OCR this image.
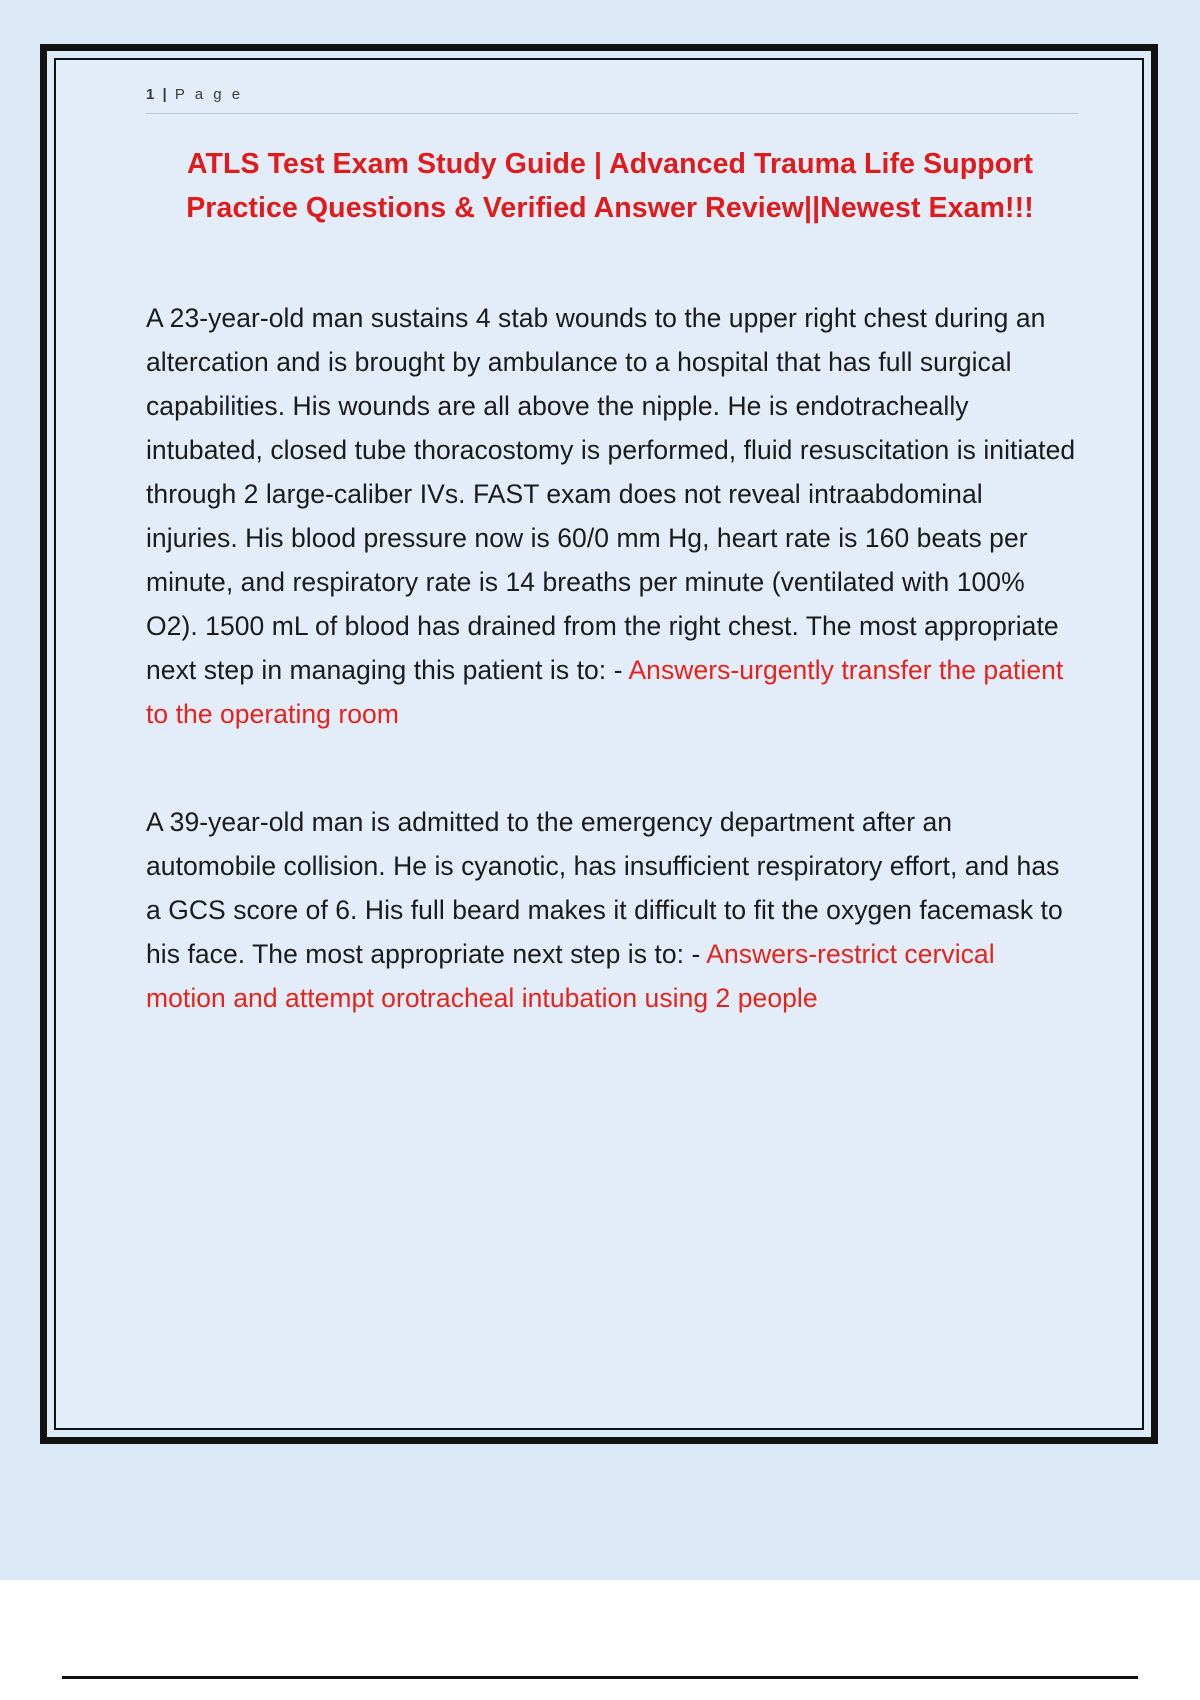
1 | P a g e
ATLS Test Exam Study Guide | Advanced Trauma Life Support Practice Questions & Verified Answer Review||Newest Exam!!!
A 23-year-old man sustains 4 stab wounds to the upper right chest during an altercation and is brought by ambulance to a hospital that has full surgical capabilities. His wounds are all above the nipple. He is endotracheally intubated, closed tube thoracostomy is performed, fluid resuscitation is initiated through 2 large-caliber IVs. FAST exam does not reveal intraabdominal injuries. His blood pressure now is 60/0 mm Hg, heart rate is 160 beats per minute, and respiratory rate is 14 breaths per minute (ventilated with 100% O2). 1500 mL of blood has drained from the right chest. The most appropriate next step in managing this patient is to: - Answers-urgently transfer the patient to the operating room
A 39-year-old man is admitted to the emergency department after an automobile collision. He is cyanotic, has insufficient respiratory effort, and has a GCS score of 6. His full beard makes it difficult to fit the oxygen facemask to his face. The most appropriate next step is to: - Answers-restrict cervical motion and attempt orotracheal intubation using 2 people
